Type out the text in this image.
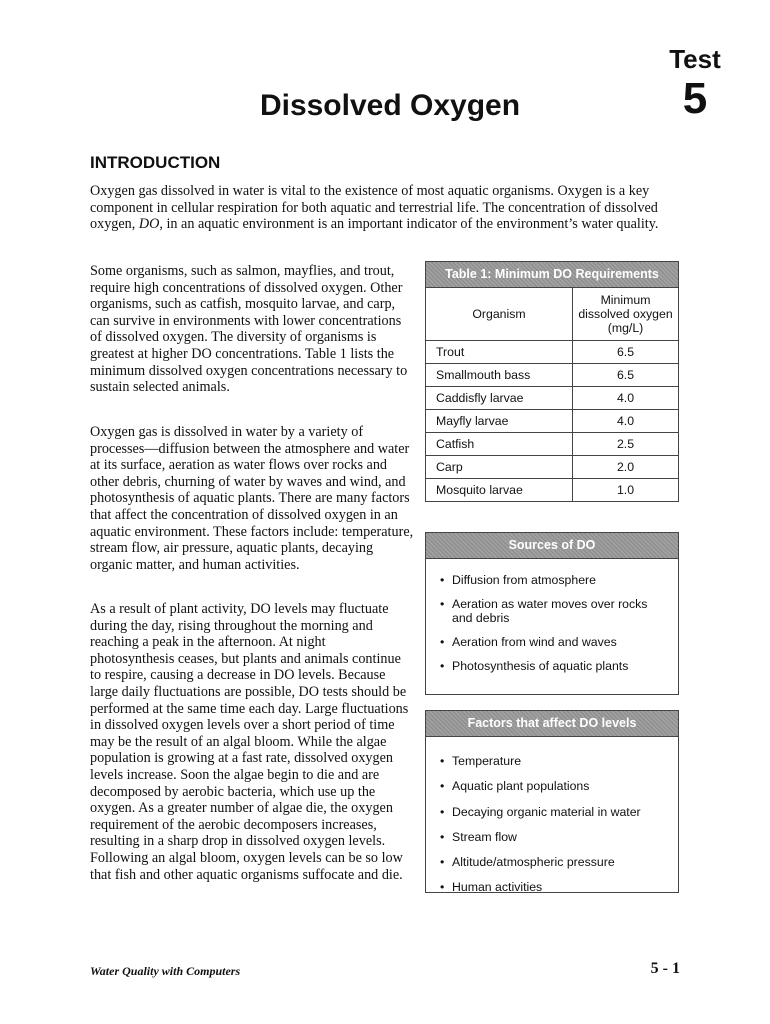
Test
5
Dissolved Oxygen
INTRODUCTION

Oxygen gas dissolved in water is vital to the existence of most aquatic organisms. Oxygen is a key component in cellular respiration for both aquatic and terrestrial life. The concentration of dissolved oxygen, DO, in an aquatic environment is an important indicator of the environment’s water quality.

Some organisms, such as salmon, mayflies, and trout, require high concentrations of dissolved oxygen. Other organisms, such as catfish, mosquito larvae, and carp, can survive in environments with lower concentrations of dissolved oxygen. The diversity of organisms is greatest at higher DO concentrations. Table 1 lists the minimum dissolved oxygen concentrations necessary to sustain selected animals.

Oxygen gas is dissolved in water by a variety of processes—diffusion between the atmosphere and water at its surface, aeration as water flows over rocks and other debris, churning of water by waves and wind, and photosynthesis of aquatic plants. There are many factors that affect the concentration of dissolved oxygen in an aquatic environment. These factors include: temperature, stream flow, air pressure, aquatic plants, decaying organic matter, and human activities.

As a result of plant activity, DO levels may fluctuate during the day, rising throughout the morning and reaching a peak in the afternoon. At night photosynthesis ceases, but plants and animals continue to respire, causing a decrease in DO levels. Because large daily fluctuations are possible, DO tests should be performed at the same time each day. Large fluctuations in dissolved oxygen levels over a short period of time may be the result of an algal bloom. While the algae population is growing at a fast rate, dissolved oxygen levels increase. Soon the algae begin to die and are decomposed by aerobic bacteria, which use up the oxygen. As a greater number of algae die, the oxygen requirement of the aerobic decomposers increases, resulting in a sharp drop in dissolved oxygen levels. Following an algal bloom, oxygen levels can be so low that fish and other aquatic organisms suffocate and die.

Table 1: Minimum DO Requirements
Organism	Minimum
dissolved oxygen
(mg/L)
Trout	6.5
Smallmouth bass	6.5
Caddisfly larvae	4.0
Mayfly larvae	4.0
Catfish	2.5
Carp	2.0
Mosquito larvae	1.0
Sources of DO
• Diffusion from atmosphere
• Aeration as water moves over rocks and debris
• Aeration from wind and waves
• Photosynthesis of aquatic plants
Factors that affect DO levels
• Temperature
• Aquatic plant populations
• Decaying organic material in water
• Stream flow
• Altitude/atmospheric pressure
• Human activities
Water Quality with Computers	5 - 1
